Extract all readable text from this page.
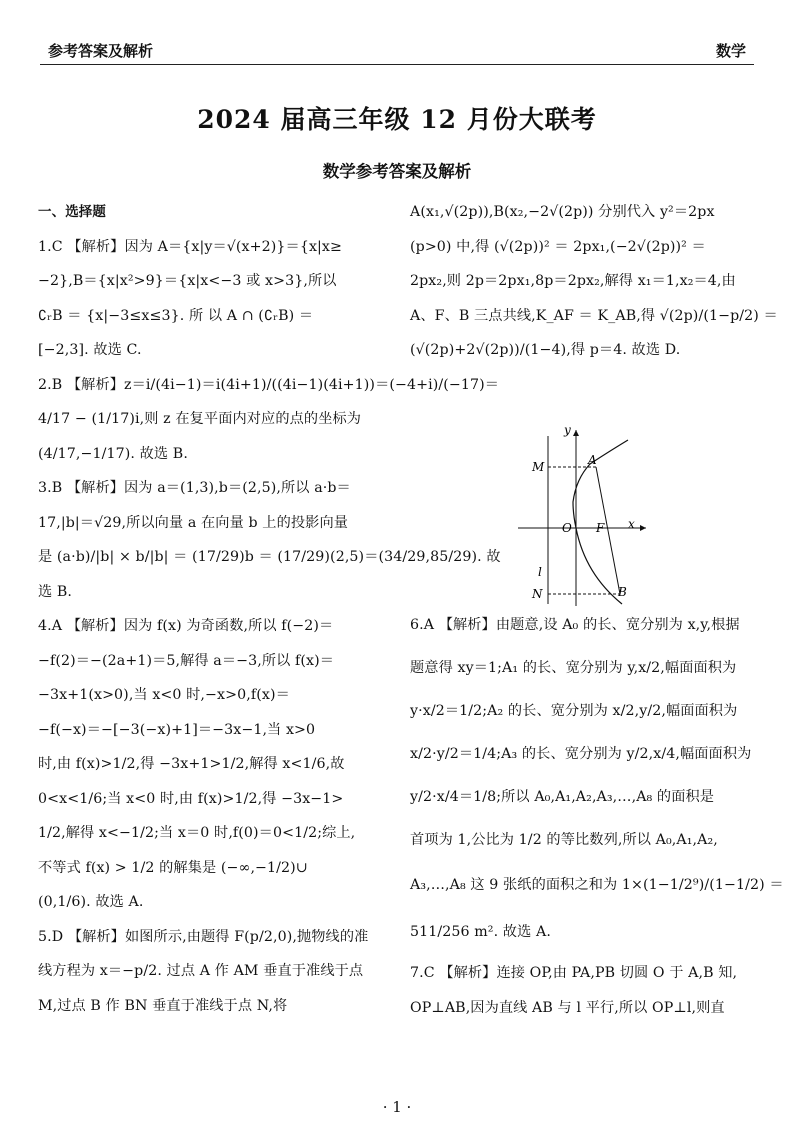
参考答案及解析	数学
2024 届高三年级 12 月份大联考
数学参考答案及解析
一、选择题
1.C 【解析】因为 A＝{x|y＝√(x+2)}＝{x|x≥
−2},B＝{x|x²>9}＝{x|x<−3 或 x>3},所以
∁ᵣB ＝ {x|−3≤x≤3}. 所 以 A ∩ (∁ᵣB) ＝
[−2,3]. 故选 C.
2.B 【解析】z＝i/(4i−1)＝i(4i+1)/((4i−1)(4i+1))＝(−4+i)/(−17)＝
4/17 − (1/17)i,则 z 在复平面内对应的点的坐标为
(4/17,−1/17). 故选 B.
3.B 【解析】因为 a＝(1,3),b＝(2,5),所以 a·b＝
17,|b|＝√29,所以向量 a 在向量 b 上的投影向量
是 (a·b)/|b| × b/|b| ＝ (17/29)b ＝ (17/29)(2,5)＝(34/29,85/29). 故
选 B.
4.A 【解析】因为 f(x) 为奇函数,所以 f(−2)＝
−f(2)＝−(2a+1)＝5,解得 a＝−3,所以 f(x)＝
−3x+1(x>0),当 x<0 时,−x>0,f(x)＝
−f(−x)＝−[−3(−x)+1]＝−3x−1,当 x>0
时,由 f(x)>1/2,得 −3x+1>1/2,解得 x<1/6,故
0<x<1/6;当 x<0 时,由 f(x)>1/2,得 −3x−1>
1/2,解得 x<−1/2;当 x＝0 时,f(0)＝0<1/2;综上,
不等式 f(x) > 1/2 的解集是 (−∞,−1/2)∪
(0,1/6). 故选 A.
5.D 【解析】如图所示,由题得 F(p/2,0),抛物线的准
线方程为 x＝−p/2. 过点 A 作 AM 垂直于准线于点
M,过点 B 作 BN 垂直于准线于点 N,将
A(x₁,√(2p)),B(x₂,−2√(2p)) 分别代入 y²＝2px
(p>0) 中,得 (√(2p))² ＝ 2px₁,(−2√(2p))² ＝
2px₂,则 2p＝2px₁,8p＝2px₂,解得 x₁＝1,x₂＝4,由
A、F、B 三点共线,K_AF ＝ K_AB,得 √(2p)/(1−p/2) ＝
(√(2p)+2√(2p))/(1−4),得 p＝4. 故选 D.
y
x
M	A
O F
l
N	B
6.A 【解析】由题意,设 A₀ 的长、宽分别为 x,y,根据
题意得 xy＝1;A₁ 的长、宽分别为 y,x/2,幅面面积为
y·x/2＝1/2;A₂ 的长、宽分别为 x/2,y/2,幅面面积为
x/2·y/2＝1/4;A₃ 的长、宽分别为 y/2,x/4,幅面面积为
y/2·x/4＝1/8;所以 A₀,A₁,A₂,A₃,…,A₈ 的面积是
首项为 1,公比为 1/2 的等比数列,所以 A₀,A₁,A₂,
A₃,…,A₈ 这 9 张纸的面积之和为 1×(1−1/2⁹)/(1−1/2) ＝
511/256 m². 故选 A.
7.C 【解析】连接 OP,由 PA,PB 切圆 O 于 A,B 知,
OP⊥AB,因为直线 AB 与 l 平行,所以 OP⊥l,则直
· 1 ·
